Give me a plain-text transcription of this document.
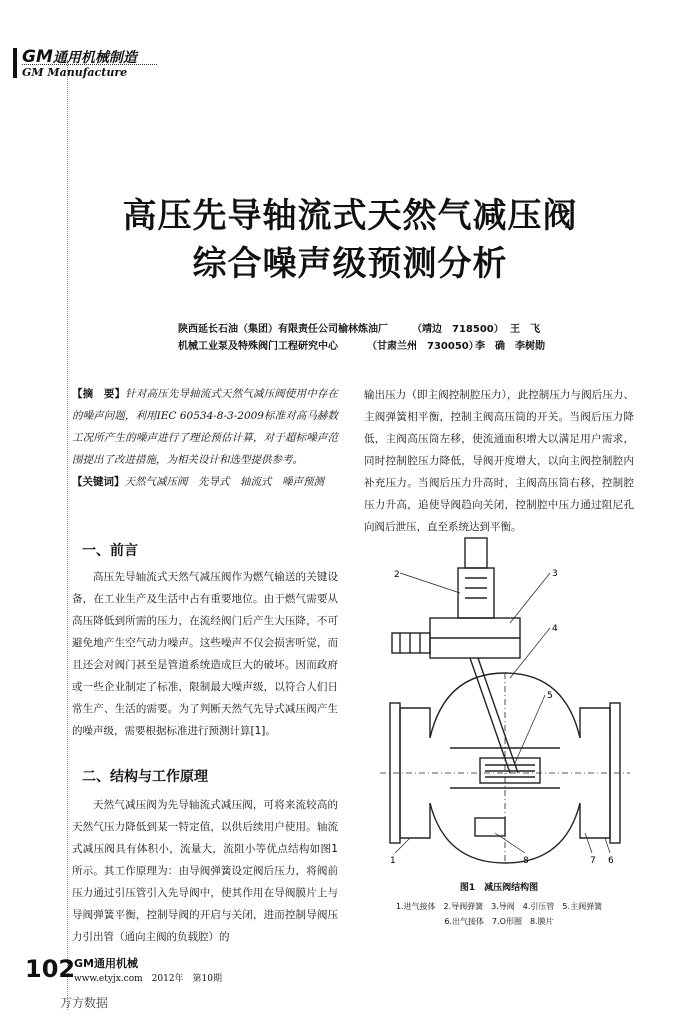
GM通用机械制造
GM Manufacture
高压先导轴流式天然气减压阀
综合噪声级预测分析
陕西延长石油（集团）有限责任公司榆林炼油厂 （靖边　718500） 王　飞
机械工业泵及特殊阀门工程研究中心	（甘肃兰州　730050）
李　确　李树勋
【摘　要】针对高压先导轴流式天然气减压阀使用中存在的噪声问题，利用IEC 60534-8-3-2009标准对高马赫数工况所产生的噪声进行了理论预估计算，对于超标噪声范围提出了改进措施，为相关设计和选型提供参考。
【关键词】天然气减压阀　先导式　轴流式　噪声预测
一、前言
高压先导轴流式天然气减压阀作为燃气输送的关键设备，在工业生产及生活中占有重要地位。由于燃气需要从高压降低到所需的压力，在流经阀门后产生大压降，不可避免地产生空气动力噪声。这些噪声不仅会损害听觉，而且还会对阀门甚至是管道系统造成巨大的破坏。因而政府或一些企业制定了标准，限制最大噪声级，以符合人们日常生产、生活的需要。为了判断天然气先导式减压阀产生的噪声级，需要根据标准进行预测计算[1]。
二、结构与工作原理
天然气减压阀为先导轴流式减压阀，可将来流较高的天然气压力降低到某一特定值，以供后续用户使用。轴流式减压阀具有体积小，流量大，流阻小等优点结构如图1所示。其工作原理为：由导阀弹簧设定阀后压力，将阀前压力通过引压管引入先导阀中，使其作用在导阀膜片上与导阀弹簧平衡，控制导阀的开启与关闭，进而控制导阀压力引出管（通向主阀的负载腔）的
输出压力（即主阀控制腔压力），此控制压力与阀后压力、主阀弹簧相平衡，控制主阀高压筒的开关。当阀后压力降低，主阀高压筒左移，使流通面积增大以满足用户需求，同时控制腔压力降低，导阀开度增大，以向主阀控制腔内补充压力。当阀后压力升高时，主阀高压筒右移，控制腔压力升高，追使导阀趋向关闭，控制腔中压力通过阻尼孔向阀后泄压，直至系统达到平衡。
2	3
4
5
1	8	7 6
图1　减压阀结构图
1.进气接体　2.导阀弹簧　3.导阀　4.引压管　5.主阀弹簧
6.出气接体　7.O形圈　8.膜片
102
GM通用机械
www.etyjx.com　2012年　第10期
万方数据
